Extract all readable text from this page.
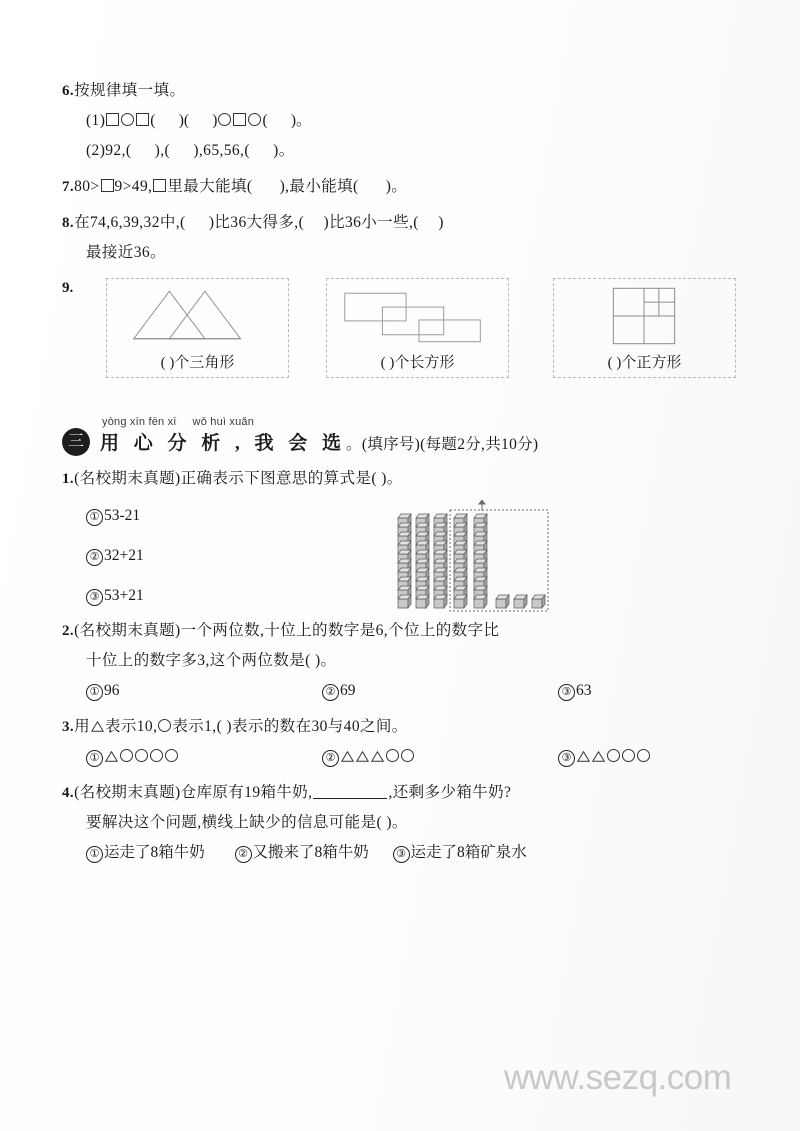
6.按规律填一填。
(1)	(      )(      )	(      )。
(2)92,( ),( ),65,56,( )。
7.80> 9>49, 里最大能填( ),最小能填( )。
8.在74,6,39,32中,( )比36大得多,( )比36小一些,( )
最接近36。
9.
( )个三角形	( )个长方形	( )个正方形
三
yòng xīn fēn xī wǒ huì xuǎn
用 心 分 析 , 我 会 选。(填序号)(每题2分,共10分)
1.(名校期末真题)正确表示下图意思的算式是( )。
① 53-21
② 32+21
③ 53+21
2.(名校期末真题)一个两位数,十位上的数字是6,个位上的数字比
十位上的数字多3,这个两位数是( )。
① 96	② 69	③ 63
3.用 表示10, 表示1,( )表示的数在30与40之间。
①	②	③
4.(名校期末真题)仓库原有19箱牛奶,	,还剩多少箱牛奶?
要解决这个问题,横线上缺少的信息可能是( )。
① 运走了8箱牛奶	② 又搬来了8箱牛奶 ③ 运走了8箱矿泉水
www.sezq.com
